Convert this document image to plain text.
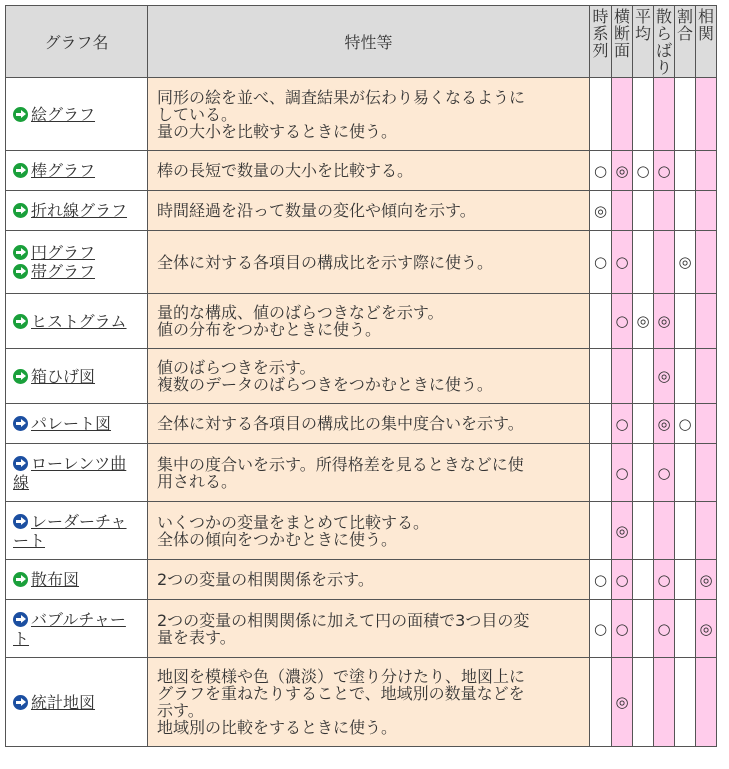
グラフ名	特性等	時系列	横断面	平均	散らばり	割合	相関

絵グラフ	同形の絵を並べ、調査結果が伝わり易くなるように
している。
量の大小を比較するときに使う。						

棒グラフ	棒の長短で数量の大小を比較する。	○	◎	○	○		

折れ線グラフ	時間経過を沿って数量の変化や傾向を示す。	◎					

円グラフ
帯グラフ	全体に対する各項目の構成比を示す際に使う。	○	○			◎	

ヒストグラム	量的な構成、値のばらつきなどを示す。
値の分布をつかむときに使う。		○	◎	◎		

箱ひげ図	値のばらつきを示す。
複数のデータのばらつきをつかむときに使う。				◎		

パレート図	全体に対する各項目の構成比の集中度合いを示す。		○		◎	○	

ローレンツ曲
線	集中の度合いを示す。所得格差を見るときなどに使
用される。		○		○		

レーダーチャ
ート	いくつかの変量をまとめて比較する。
全体の傾向をつかむときに使う。		◎				

散布図	2つの変量の相関関係を示す。	○	○		○		◎

バブルチャー
ト	2つの変量の相関関係に加えて円の面積で3つ目の変
量を表す。	○	○		○		◎

統計地図	地図を模様や色（濃淡）で塗り分けたり、地図上に
グラフを重ねたりすることで、地域別の数量などを
示す。
地域別の比較をするときに使う。		◎				
